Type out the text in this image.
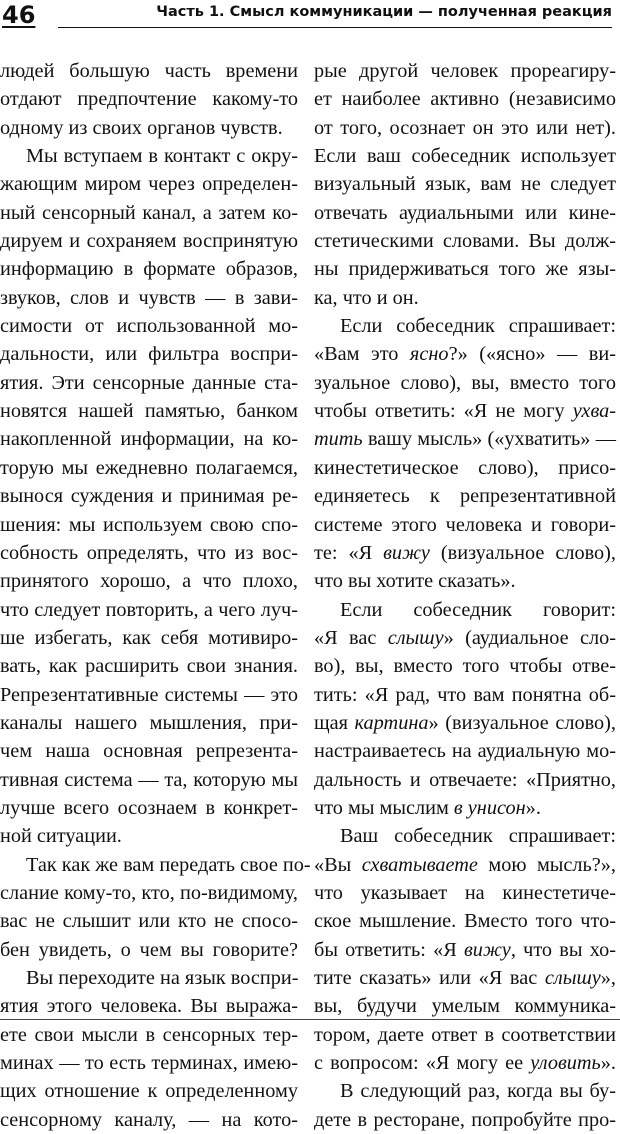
46	Часть 1. Смысл коммуникации — полученная реакция
людей большую часть времени
отдают предпочтение какому-то
одному из своих органов чувств.
Мы вступаем в контакт с окру-
жающим миром через определен-
ный сенсорный канал, а затем ко-
дируем и сохраняем воспринятую
информацию в формате образов,
звуков, слов и чувств — в зави-
симости от использованной мо-
дальности, или фильтра воспри-
ятия. Эти сенсорные данные ста-
новятся нашей памятью, банком
накопленной информации, на ко-
торую мы ежедневно полагаемся,
вынося суждения и принимая ре-
шения: мы используем свою спо-
собность определять, что из вос-
принятого хорошо, а что плохо,
что следует повторить, а чего луч-
ше избегать, как себя мотивиро-
вать, как расширить свои знания.
Репрезентативные системы — это
каналы нашего мышления, при-
чем наша основная репрезента-
тивная система — та, которую мы
лучше всего осознаем в конкрет-
ной ситуации.
Так как же вам передать свое по-
слание кому-то, кто, по-видимому,
вас не слышит или кто не спосо-
бен увидеть, о чем вы говорите?
Вы переходите на язык воспри-
ятия этого человека. Вы выража-
ете свои мысли в сенсорных тер-
минах — то есть терминах, имею-
щих отношение к определенному
сенсорному каналу, — на кото-
рые другой человек прореагиру-
ет наиболее активно (независимо
от того, осознает он это или нет).
Если ваш собеседник использует
визуальный язык, вам не следует
отвечать аудиальными или кине-
стетическими словами. Вы долж-
ны придерживаться того же язы-
ка, что и он.
Если собеседник спрашивает:
«Вам это ясно?» («ясно» — ви-
зуальное слово), вы, вместо того
чтобы ответить: «Я не могу ухва-
тить вашу мысль» («ухватить» —
кинестетическое слово), присо-
единяетесь к репрезентативной
системе этого человека и говори-
те: «Я вижу (визуальное слово),
что вы хотите сказать».
Если собеседник говорит:
«Я вас слышу» (аудиальное сло-
во), вы, вместо того чтобы отве-
тить: «Я рад, что вам понятна об-
щая картина» (визуальное слово),
настраиваетесь на аудиальную мо-
дальность и отвечаете: «Приятно,
что мы мыслим в унисон».
Ваш собеседник спрашивает:
«Вы схватываете мою мысль?»,
что указывает на кинестетиче-
ское мышление. Вместо того что-
бы ответить: «Я вижу, что вы хо-
тите сказать» или «Я вас слышу»,
вы, будучи умелым коммуника-
тором, даете ответ в соответствии
с вопросом: «Я могу ее уловить».
В следующий раз, когда вы бу-
дете в ресторане, попробуйте про-
